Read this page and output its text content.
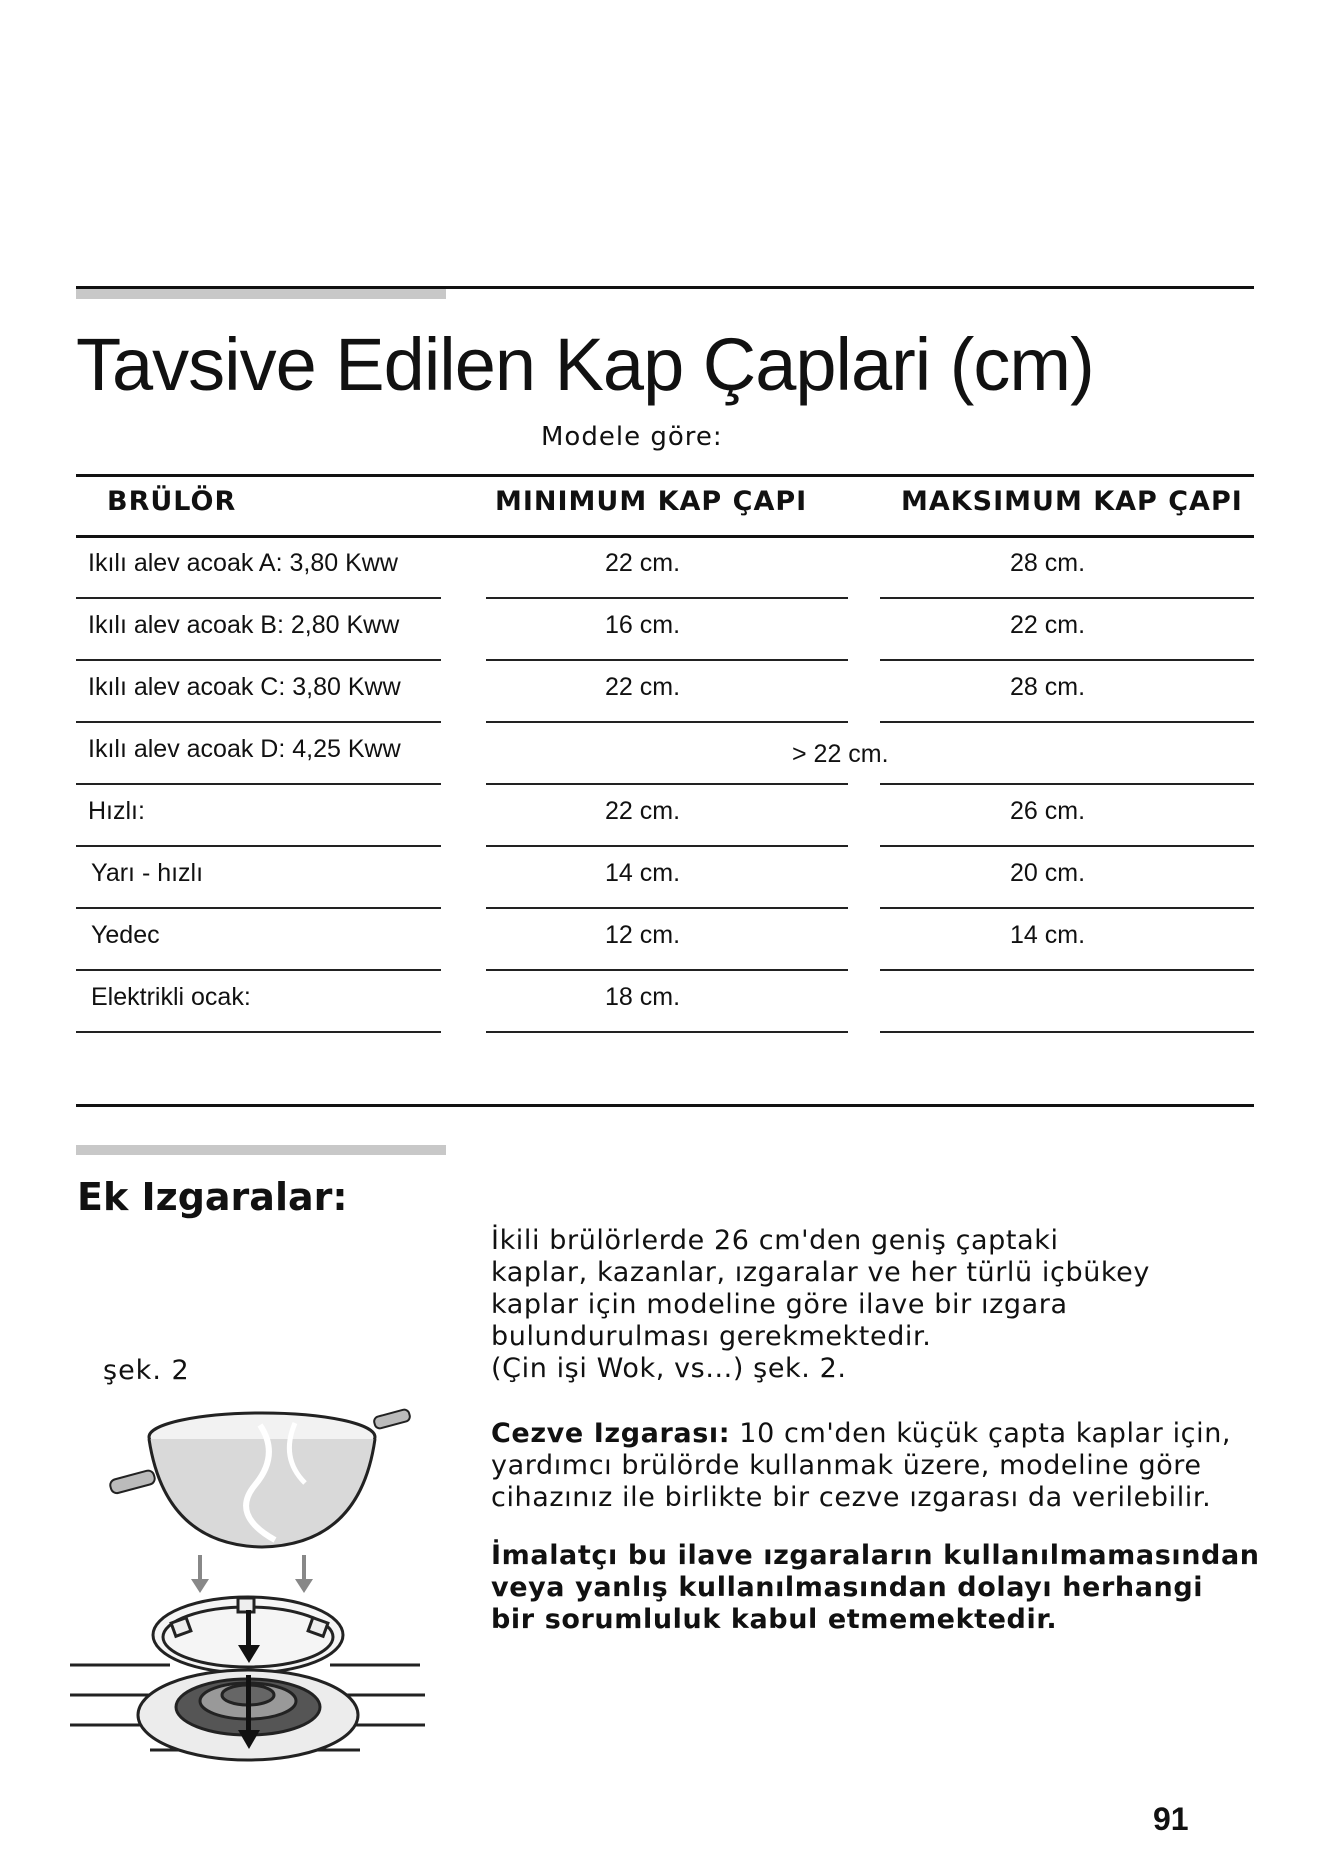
Tavsive Edilen Kap Çaplari (cm)
Modele göre:
BRÜLÖR	MINIMUM KAP ÇAPI	MAKSIMUM KAP ÇAPI
Ikılı alev acoak A: 3,80 Kww	22 cm.	28 cm.
Ikılı alev acoak B: 2,80 Kww	16 cm.	22 cm.
Ikılı alev acoak C: 3,80 Kww	22 cm.	28 cm.
Ikılı alev acoak D: 4,25 Kww	> 22 cm.
Hızlı:	22 cm.	26 cm.
Yarı - hızlı	14 cm.	20 cm.
Yedec	12 cm.	14 cm.
Elektrikli ocak:	18 cm.
Ek Izgaralar:
şek. 2
İkili brülörlerde 26 cm'den geniş çaptaki
kaplar, kazanlar, ızgaralar ve her türlü içbükey
kaplar için modeline göre ilave bir ızgara
bulundurulması gerekmektedir.
(Çin işi Wok, vs...) şek. 2.
Cezve Izgarası: 10 cm'den küçük çapta kaplar için,
yardımcı brülörde kullanmak üzere, modeline göre
cihazınız ile birlikte bir cezve ızgarası da verilebilir.
İmalatçı bu ilave ızgaraların kullanılmamasından
veya yanlış kullanılmasından dolayı herhangi
bir sorumluluk kabul etmemektedir.
91
